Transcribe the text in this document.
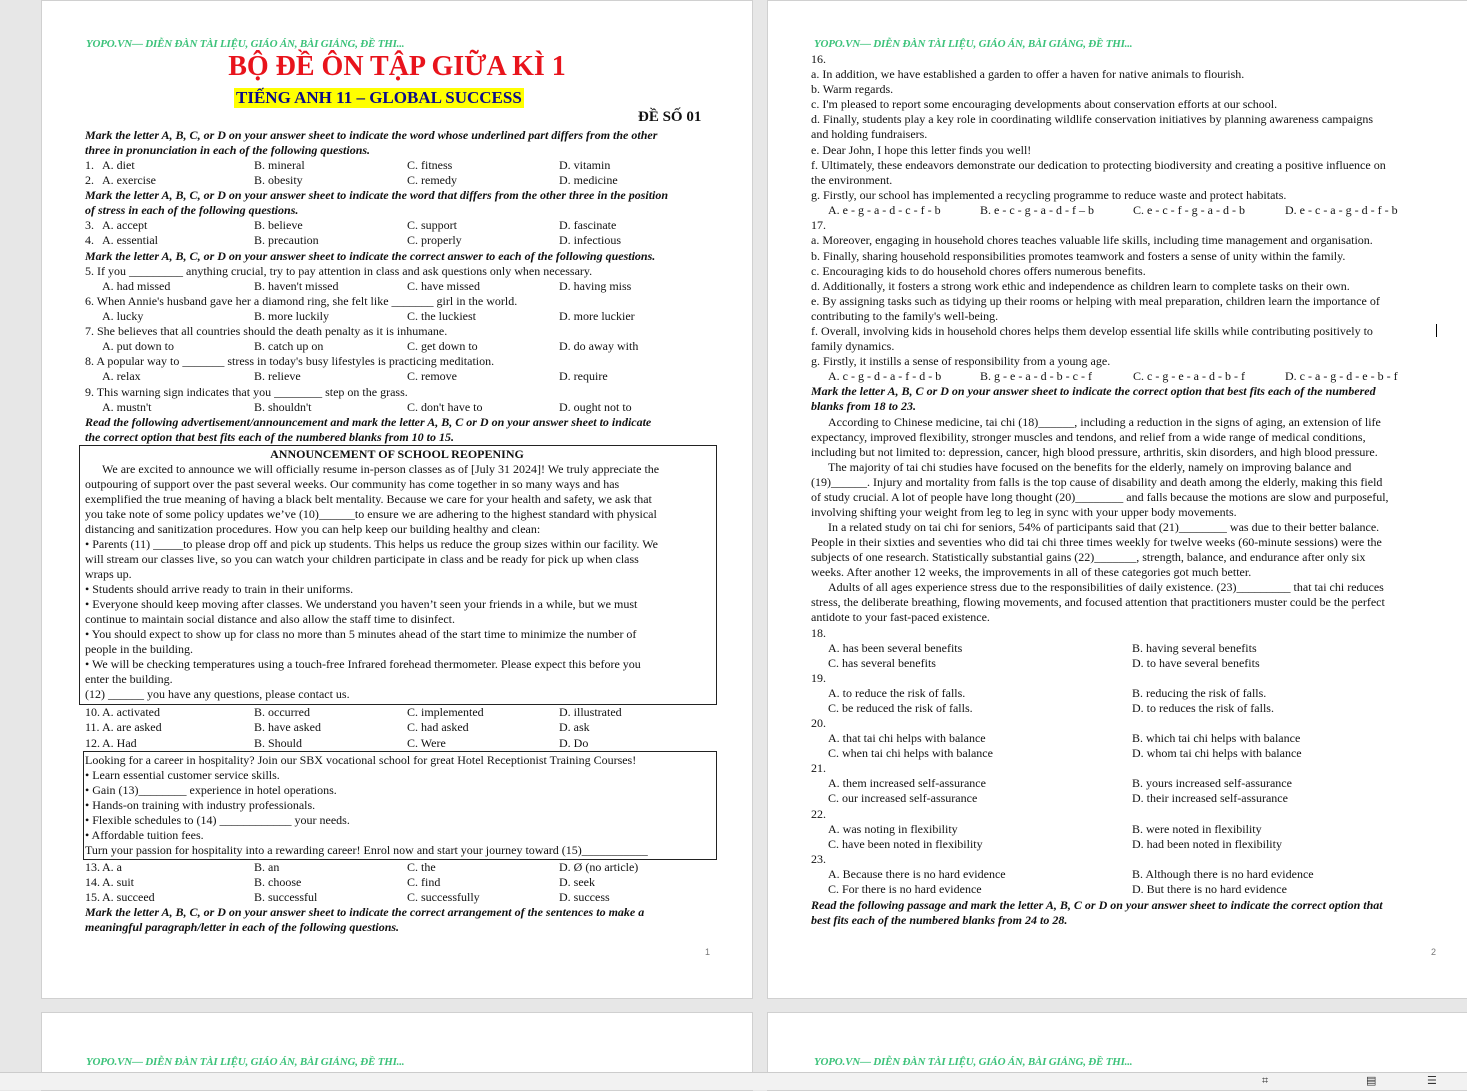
YOPO.VN— DIỄN ĐÀN TÀI LIỆU, GIÁO ÁN, BÀI GIẢNG, ĐỀ THI...
BỘ ĐỀ ÔN TẬP GIỮA KÌ 1
TIẾNG ANH 11 – GLOBAL SUCCESS
ĐỀ SỐ 01
Mark the letter A, B, C, or D on your answer sheet to indicate the word whose underlined part differs from the other
three in pronunciation in each of the following questions.
Mark the letter A, B, C, or D on your answer sheet to indicate the word that differs from the other three in the position
of stress in each of the following questions.
Mark the letter A, B, C, or D on your answer sheet to indicate the correct answer to each of the following questions.
5. If you _________ anything crucial, try to pay attention in class and ask questions only when necessary.
6. When Annie's husband gave her a diamond ring, she felt like _______ girl in the world.
7. She believes that all countries should the death penalty as it is inhumane.
8. A popular way to _______ stress in today's busy lifestyles is practicing meditation.
9. This warning sign indicates that you ________ step on the grass.
Read the following advertisement/announcement and mark the letter A, B, C or D on your answer sheet to indicate
the correct option that best fits each of the numbered blanks from 10 to 15.
Mark the letter A, B, C, or D on your answer sheet to indicate the correct arrangement of the sentences to make a
meaningful paragraph/letter in each of the following questions.
1. A. diet	B. mineral	C. fitness	D. vitamin
2. A. exercise	B. obesity	C. remedy	D. medicine
3. A. accept	B. believe	C. support	D. fascinate
4. A. essential	B. precaution	C. properly	D. infectious
A. had missed	B. haven't missed	C. have missed	D. having miss
A. lucky	B. more luckily	C. the luckiest	D. more luckier
A. put down to	B. catch up on	C. get down to	D. do away with
A. relax	B. relieve	C. remove	D. require
A. mustn't	B. shouldn't	C. don't have to	D. ought not to
10. A. activated	B. occurred	C. implemented	D. illustrated
11. A. are asked	B. have asked	C. had asked	D. ask
12. A. Had	B. Should	C. Were	D. Do
13. A. a	B. an	C. the	D. Ø (no article)
14. A. suit	B. choose	C. find	D. seek
15. A. succeed	B. successful	C. successfully	D. success
ANNOUNCEMENT OF SCHOOL REOPENING
We are excited to announce we will officially resume in-person classes as of [July 31 2024]! We truly appreciate the
outpouring of support over the past several weeks. Our community has come together in so many ways and has
exemplified the true meaning of having a black belt mentality. Because we care for your health and safety, we ask that
you take note of some policy updates we’ve (10)______to ensure we are adhering to the highest standard with physical
distancing and sanitization procedures. How you can help keep our building healthy and clean:
• Parents (11) _____to please drop off and pick up students. This helps us reduce the group sizes within our facility. We
will stream our classes live, so you can watch your children participate in class and be ready for pick up when class
wraps up.
• Students should arrive ready to train in their uniforms.
• Everyone should keep moving after classes. We understand you haven’t seen your friends in a while, but we must
continue to maintain social distance and also allow the staff time to disinfect.
• You should expect to show up for class no more than 5 minutes ahead of the start time to minimize the number of
people in the building.
• We will be checking temperatures using a touch-free Infrared forehead thermometer. Please expect this before you
enter the building.
(12) ______ you have any questions, please contact us.
Looking for a career in hospitality? Join our SBX vocational school for great Hotel Receptionist Training Courses!
• Learn essential customer service skills.
• Gain (13)________ experience in hotel operations.
• Hands-on training with industry professionals.
• Flexible schedules to (14) ____________ your needs.
• Affordable tuition fees.
Turn your passion for hospitality into a rewarding career! Enrol now and start your journey toward (15)___________
1
YOPO.VN— DIỄN ĐÀN TÀI LIỆU, GIÁO ÁN, BÀI GIẢNG, ĐỀ THI...
16.
a. In addition, we have established a garden to offer a haven for native animals to flourish.
b. Warm regards.
c. I'm pleased to report some encouraging developments about conservation efforts at our school.
d. Finally, students play a key role in coordinating wildlife conservation initiatives by planning awareness campaigns
and holding fundraisers.
e. Dear John, I hope this letter finds you well!
f. Ultimately, these endeavors demonstrate our dedication to protecting biodiversity and creating a positive influence on
the environment.
g. Firstly, our school has implemented a recycling programme to reduce waste and protect habitats.
17.
a. Moreover, engaging in household chores teaches valuable life skills, including time management and organisation.
b. Finally, sharing household responsibilities promotes teamwork and fosters a sense of unity within the family.
c. Encouraging kids to do household chores offers numerous benefits.
d. Additionally, it fosters a strong work ethic and independence as children learn to complete tasks on their own.
e. By assigning tasks such as tidying up their rooms or helping with meal preparation, children learn the importance of
contributing to the family's well-being.
f. Overall, involving kids in household chores helps them develop essential life skills while contributing positively to
family dynamics.
g. Firstly, it instills a sense of responsibility from a young age.
A. e - g - a - d - c - f - b	B. e - c - g - a - d - f – b	C. e - c - f - g - a - d - b	D. e - c - a - g - d - f - b
A. c - g - d - a - f - d - b	B. g - e - a - d - b - c - f	C. c - g - e - a - d - b - f	D. c - a - g - d - e - b - f
Mark the letter A, B, C or D on your answer sheet to indicate the correct option that best fits each of the numbered
blanks from 18 to 23.
According to Chinese medicine, tai chi (18)______, including a reduction in the signs of aging, an extension of life
expectancy, improved flexibility, stronger muscles and tendons, and relief from a wide range of medical conditions,
including but not limited to: depression, cancer, high blood pressure, arthritis, skin disorders, and high blood pressure.
The majority of tai chi studies have focused on the benefits for the elderly, namely on improving balance and
(19)______. Injury and mortality from falls is the top cause of disability and death among the elderly, making this field
of study crucial. A lot of people have long thought (20)________ and falls because the motions are slow and purposeful,
involving shifting your weight from leg to leg in sync with your upper body movements.
In a related study on tai chi for seniors, 54% of participants said that (21)________ was due to their better balance.
People in their sixties and seventies who did tai chi three times weekly for twelve weeks (60-minute sessions) were the
subjects of one research. Statistically substantial gains (22)_______, strength, balance, and endurance after only six
weeks. After another 12 weeks, the improvements in all of these categories got much better.
Adults of all ages experience stress due to the responsibilities of daily existence. (23)_________ that tai chi reduces
stress, the deliberate breathing, flowing movements, and focused attention that practitioners muster could be the perfect
antidote to your fast-paced existence.
18.
A. has been several benefits	B. having several benefits
C. has several benefits	D. to have several benefits
19.
A. to reduce the risk of falls.	B. reducing the risk of falls.
C. be reduced the risk of falls.	D. to reduces the risk of falls.
20.
A. that tai chi helps with balance	B. which tai chi helps with balance
C. when tai chi helps with balance	D. whom tai chi helps with balance
21.
A. them increased self-assurance	B. yours increased self-assurance
C. our increased self-assurance	D. their increased self-assurance
22.
A. was noting in flexibility	B. were noted in flexibility
C. have been noted in flexibility	D. had been noted in flexibility
23.
A. Because there is no hard evidence	B. Although there is no hard evidence
C. For there is no hard evidence	D. But there is no hard evidence
Read the following passage and mark the letter A, B, C or D on your answer sheet to indicate the correct option that
best fits each of the numbered blanks from 24 to 28.
2
YOPO.VN— DIỄN ĐÀN TÀI LIỆU, GIÁO ÁN, BÀI GIẢNG, ĐỀ THI...	YOPO.VN— DIỄN ĐÀN TÀI LIỆU, GIÁO ÁN, BÀI GIẢNG, ĐỀ THI...
⌗	▤	☰
